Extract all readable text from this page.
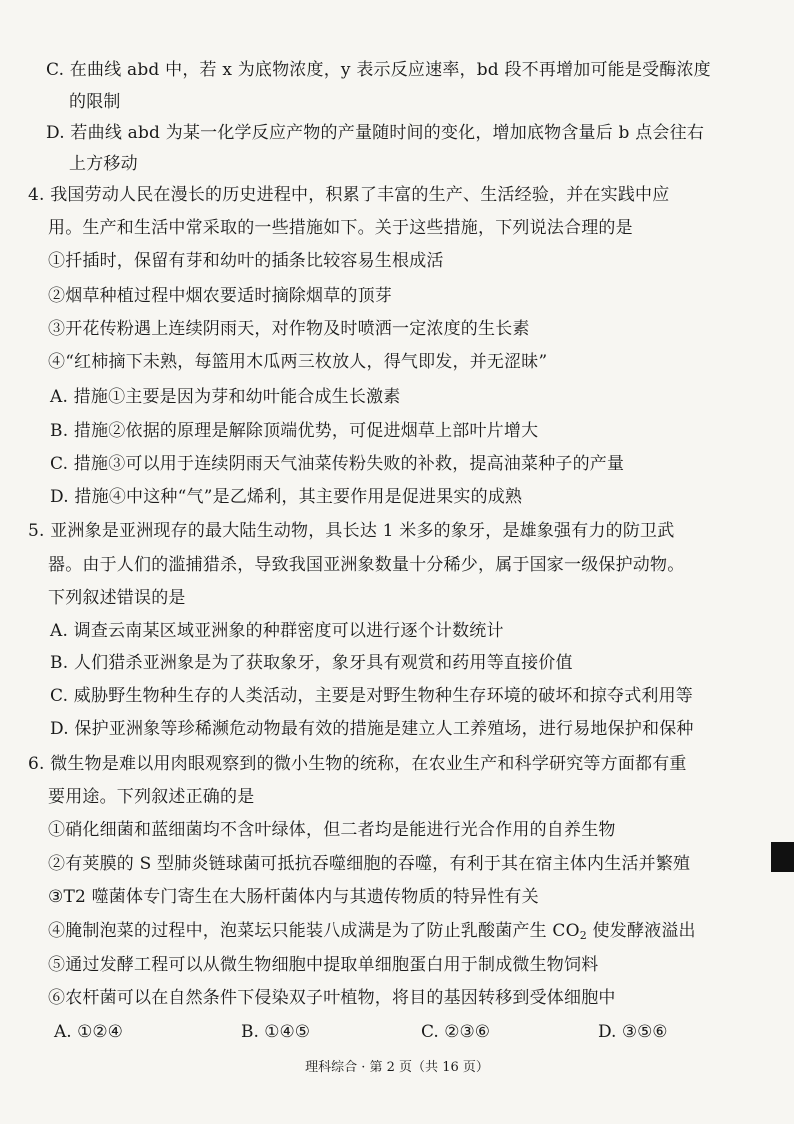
C. 在曲线 abd 中，若 x 为底物浓度，y 表示反应速率，bd 段不再增加可能是受酶浓度
的限制
D. 若曲线 abd 为某一化学反应产物的产量随时间的变化，增加底物含量后 b 点会往右
上方移动
4. 我国劳动人民在漫长的历史进程中，积累了丰富的生产、生活经验，并在实践中应
用。生产和生活中常采取的一些措施如下。关于这些措施，下列说法合理的是
①扦插时，保留有芽和幼叶的插条比较容易生根成活
②烟草种植过程中烟农要适时摘除烟草的顶芽
③开花传粉遇上连续阴雨天，对作物及时喷洒一定浓度的生长素
④“红柿摘下未熟，每篮用木瓜两三枚放人，得气即发，并无涩昧”
A. 措施①主要是因为芽和幼叶能合成生长激素
B. 措施②依据的原理是解除顶端优势，可促进烟草上部叶片增大
C. 措施③可以用于连续阴雨天气油菜传粉失败的补救，提高油菜种子的产量
D. 措施④中这种“气”是乙烯利，其主要作用是促进果实的成熟
5. 亚洲象是亚洲现存的最大陆生动物，具长达 1 米多的象牙，是雄象强有力的防卫武
器。由于人们的滥捕猎杀，导致我国亚洲象数量十分稀少，属于国家一级保护动物。
下列叙述错误的是
A. 调查云南某区域亚洲象的种群密度可以进行逐个计数统计
B. 人们猎杀亚洲象是为了获取象牙，象牙具有观赏和药用等直接价值
C. 威胁野生物种生存的人类活动，主要是对野生物种生存环境的破坏和掠夺式利用等
D. 保护亚洲象等珍稀濒危动物最有效的措施是建立人工养殖场，进行易地保护和保种
6. 微生物是难以用肉眼观察到的微小生物的统称，在农业生产和科学研究等方面都有重
要用途。下列叙述正确的是
①硝化细菌和蓝细菌均不含叶绿体，但二者均是能进行光合作用的自养生物
②有荚膜的 S 型肺炎链球菌可抵抗吞噬细胞的吞噬，有利于其在宿主体内生活并繁殖
③T2 噬菌体专门寄生在大肠杆菌体内与其遗传物质的特异性有关
④腌制泡菜的过程中，泡菜坛只能装八成满是为了防止乳酸菌产生 $CO_2$ 使发酵液溢出
⑤通过发酵工程可以从微生物细胞中提取单细胞蛋白用于制成微生物饲料
⑥农杆菌可以在自然条件下侵染双子叶植物，将目的基因转移到受体细胞中
A. ①②④	B. ①④⑤	C. ②③⑥	D. ③⑤⑥
理科综合 · 第 2 页（共 16 页）
